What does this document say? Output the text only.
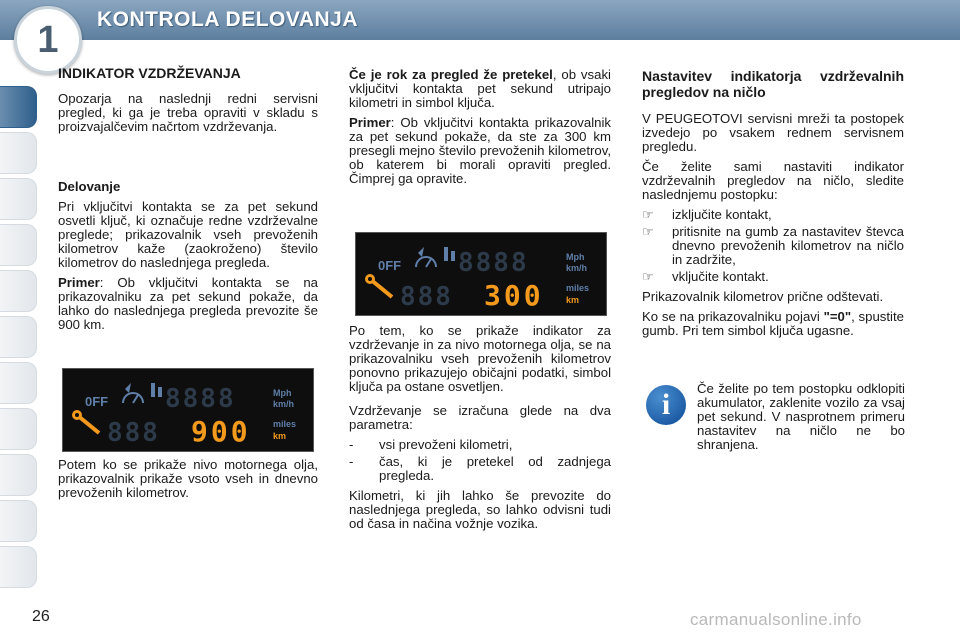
KONTROLA DELOVANJA
1
INDIKATOR VZDRŽEVANJA

Opozarja na naslednji redni servisni pregled, ki ga je treba opraviti v skladu s proizvajalčevim načrtom vzdrževanja.

Delovanje

Pri vključitvi kontakta se za pet sekund osvetli ključ, ki označuje redne vzdrževalne preglede; prikazovalnik vseh prevoženih kilometrov kaže (zaokroženo) število kilometrov do naslednjega pregleda.

Primer: Ob vključitvi kontakta se na prikazovalniku za pet sekund pokaže, da lahko do naslednjega pregleda prevozite še 900 km.

Potem ko se prikaže nivo motornega olja, prikazovalnik prikaže vsoto vseh in dnevno prevoženih kilometrov.

0FF 8888	Mph
km/h
888 900 miles
km

Če je rok za pregled že pretekel, ob vsaki vključitvi kontakta pet sekund utripajo kilometri in simbol ključa.

Primer: Ob vključitvi kontakta prikazovalnik za pet sekund pokaže, da ste za 300 km presegli mejno število prevoženih kilometrov, ob katerem bi morali opraviti pregled. Čimprej ga opravite.

0FF 8888	Mph
km/h
888 300 miles
km

Po tem, ko se prikaže indikator za vzdrževanje in za nivo motornega olja, se na prikazovalniku vseh prevoženih kilometrov ponovno prikazujejo običajni podatki, simbol ključa pa ostane osvetljen.

Vzdrževanje se izračuna glede na dva parametra:

- vsi prevoženi kilometri,
- čas, ki je pretekel od zadnjega pregleda.

Kilometri, ki jih lahko še prevozite do naslednjega pregleda, so lahko odvisni tudi od časa in načina vožnje vozika.

Nastavitev indikatorja vzdrževalnih pregledov na ničlo

V PEUGEOTOVI servisni mreži ta postopek izvedejo po vsakem rednem servisnem pregledu.

Če želite sami nastaviti indikator vzdrževalnih pregledov na ničlo, sledite naslednjemu postopku:

☞ izključite kontakt,
☞ pritisnite na gumb za nastavitev števca dnevno prevoženih kilometrov na ničlo in zadržite,
☞ vključite kontakt.

Prikazovalnik kilometrov prične odštevati.

Ko se na prikazovalniku pojavi "=0", spustite gumb. Pri tem simbol ključa ugasne.

i	Če želite po tem postopku odklopiti akumulator, zaklenite vozilo za vsaj pet sekund. V nasprotnem primeru nastavitev na ničlo ne bo shranjena.

26	carmanualsonline.info
